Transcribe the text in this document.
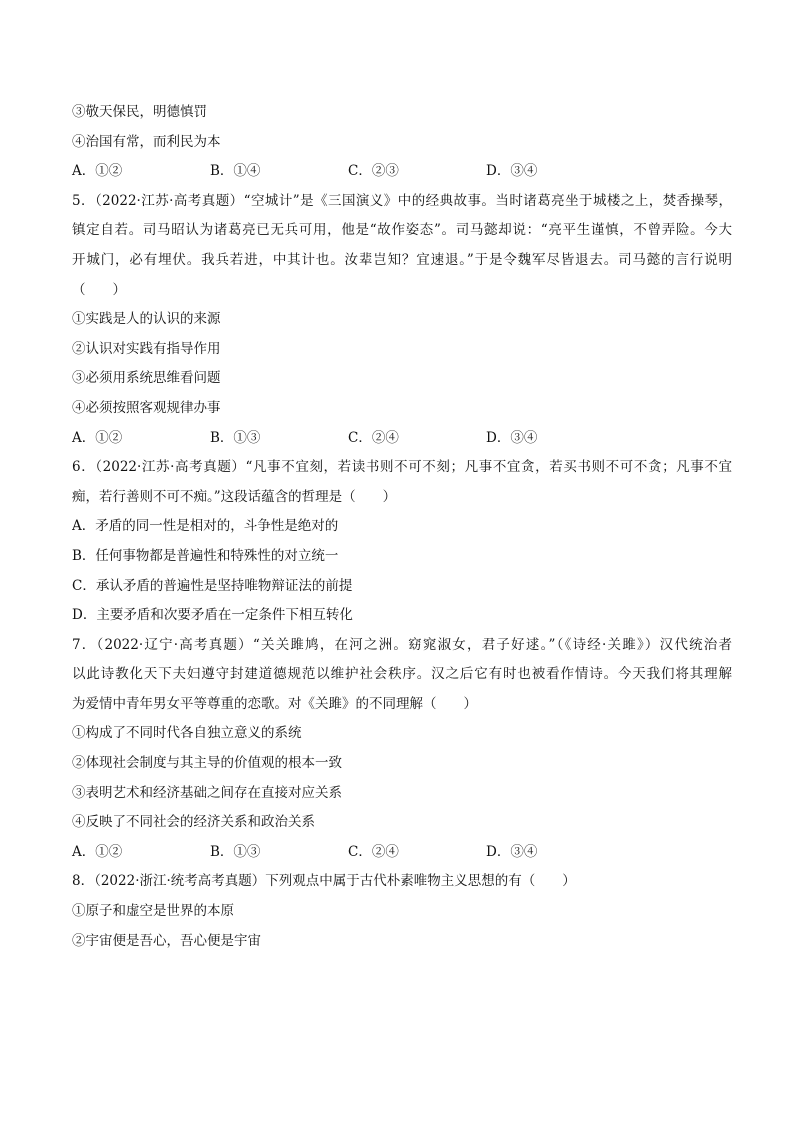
③敬天保民，明德慎罚
④治国有常，而利民为本
A．①②	B．①④	C．②③	D．③④
5．（2022·江苏·高考真题）“空城计”是《三国演义》中的经典故事。当时诸葛亮坐于城楼之上，焚香操琴，
镇定自若。司马昭认为诸葛亮已无兵可用，他是“故作姿态”。司马懿却说：“亮平生谨慎，不曾弄险。今大
开城门，必有埋伏。我兵若进，中其计也。汝辈岂知？宜速退。”于是令魏军尽皆退去。司马懿的言行说明
（　　）
①实践是人的认识的来源
②认识对实践有指导作用
③必须用系统思维看问题
④必须按照客观规律办事
A．①②	B．①③	C．②④	D．③④
6．（2022·江苏·高考真题）“凡事不宜刻，若读书则不可不刻；凡事不宜贪，若买书则不可不贪；凡事不宜
痴，若行善则不可不痴。”这段话蕴含的哲理是（　　）
A．矛盾的同一性是相对的，斗争性是绝对的
B．任何事物都是普遍性和特殊性的对立统一
C．承认矛盾的普遍性是坚持唯物辩证法的前提
D．主要矛盾和次要矛盾在一定条件下相互转化
7．（2022·辽宁·高考真题）“关关雎鸠，在河之洲。窈窕淑女，君子好逑。”（《诗经·关雎》）汉代统治者
以此诗教化天下夫妇遵守封建道德规范以维护社会秩序。汉之后它有时也被看作情诗。今天我们将其理解
为爱情中青年男女平等尊重的恋歌。对《关雎》的不同理解（　　）
①构成了不同时代各自独立意义的系统
②体现社会制度与其主导的价值观的根本一致
③表明艺术和经济基础之间存在直接对应关系
④反映了不同社会的经济关系和政治关系
A．①②	B．①③	C．②④	D．③④
8．（2022·浙江·统考高考真题）下列观点中属于古代朴素唯物主义思想的有（　　）
①原子和虚空是世界的本原
②宇宙便是吾心，吾心便是宇宙
